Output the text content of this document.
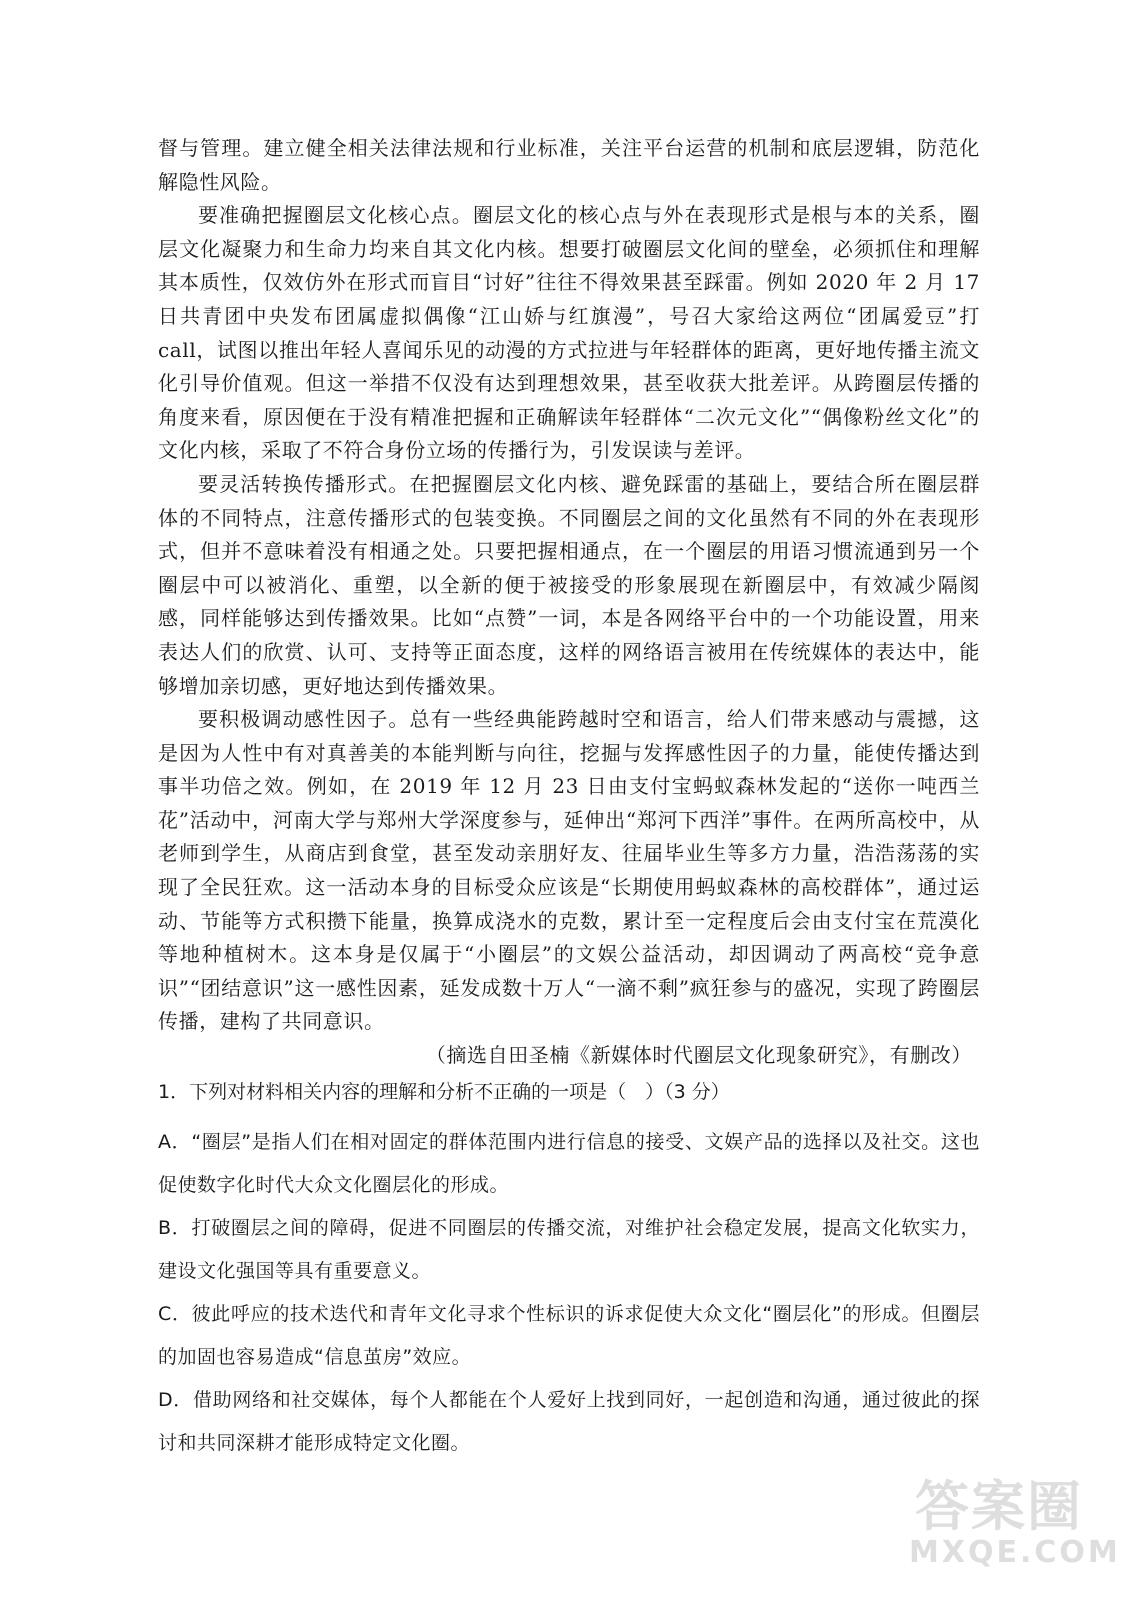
督与管理。建立健全相关法律法规和行业标准，关注平台运营的机制和底层逻辑，防范化解隐性风险。

要准确把握圈层文化核心点。圈层文化的核心点与外在表现形式是根与本的关系，圈层文化凝聚力和生命力均来自其文化内核。想要打破圈层文化间的壁垒，必须抓住和理解其本质性，仅效仿外在形式而盲目“讨好”往往不得效果甚至踩雷。例如 2020 年 2 月 17 日共青团中央发布团属虚拟偶像“江山娇与红旗漫”，号召大家给这两位“团属爱豆”打 call，试图以推出年轻人喜闻乐见的动漫的方式拉进与年轻群体的距离，更好地传播主流文化引导价值观。但这一举措不仅没有达到理想效果，甚至收获大批差评。从跨圈层传播的角度来看，原因便在于没有精准把握和正确解读年轻群体“二次元文化”“偶像粉丝文化”的文化内核，采取了不符合身份立场的传播行为，引发误读与差评。

要灵活转换传播形式。在把握圈层文化内核、避免踩雷的基础上，要结合所在圈层群体的不同特点，注意传播形式的包装变换。不同圈层之间的文化虽然有不同的外在表现形式，但并不意味着没有相通之处。只要把握相通点，在一个圈层的用语习惯流通到另一个圈层中可以被消化、重塑，以全新的便于被接受的形象展现在新圈层中，有效减少隔阂感，同样能够达到传播效果。比如“点赞”一词，本是各网络平台中的一个功能设置，用来表达人们的欣赏、认可、支持等正面态度，这样的网络语言被用在传统媒体的表达中，能够增加亲切感，更好地达到传播效果。

要积极调动感性因子。总有一些经典能跨越时空和语言，给人们带来感动与震撼，这是因为人性中有对真善美的本能判断与向往，挖掘与发挥感性因子的力量，能使传播达到事半功倍之效。例如，在 2019 年 12 月 23 日由支付宝蚂蚁森林发起的“送你一吨西兰花”活动中，河南大学与郑州大学深度参与，延伸出“郑河下西洋”事件。在两所高校中，从老师到学生，从商店到食堂，甚至发动亲朋好友、往届毕业生等多方力量，浩浩荡荡的实现了全民狂欢。这一活动本身的目标受众应该是“长期使用蚂蚁森林的高校群体”，通过运动、节能等方式积攒下能量，换算成浇水的克数，累计至一定程度后会由支付宝在荒漠化等地种植树木。这本身是仅属于“小圈层”的文娱公益活动，却因调动了两高校“竞争意识”“团结意识”这一感性因素，延发成数十万人“一滴不剩”疯狂参与的盛况，实现了跨圈层传播，建构了共同意识。

（摘选自田圣楠《新媒体时代圈层文化现象研究》，有删改）

1．下列对材料相关内容的理解和分析不正确的一项是（　）（3 分）

A．“圈层”是指人们在相对固定的群体范围内进行信息的接受、文娱产品的选择以及社交。这也促使数字化时代大众文化圈层化的形成。

B．打破圈层之间的障碍，促进不同圈层的传播交流，对维护社会稳定发展，提高文化软实力，建设文化强国等具有重要意义。

C．彼此呼应的技术迭代和青年文化寻求个性标识的诉求促使大众文化“圈层化”的形成。但圈层的加固也容易造成“信息茧房”效应。

D．借助网络和社交媒体，每个人都能在个人爱好上找到同好，一起创造和沟通，通过彼此的探讨和共同深耕才能形成特定文化圈。

答案圈
MXQE.COM
